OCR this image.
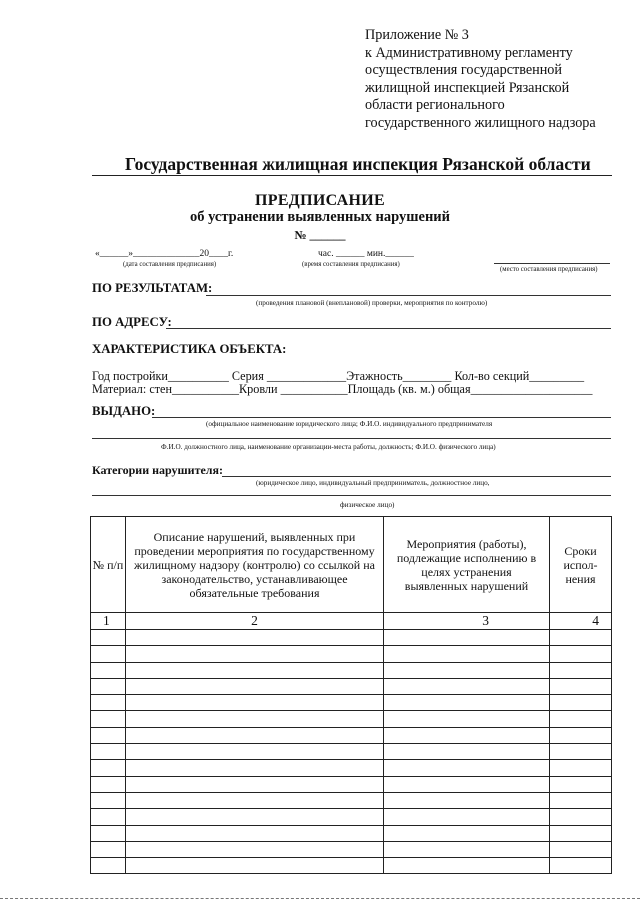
Приложение № 3
к Административному регламенту
осуществления государственной
жилищной инспекцией Рязанской
области регионального
государственного жилищного надзора
Государственная жилищная инспекция Рязанской области
ПРЕДПИСАНИЕ
об устранении выявленных нарушений
№ ______
«______»______________20____г.
(дата составления предписания)
час. ______ мин.______
(время составления предписания)
(место составления предписания)
ПО РЕЗУЛЬТАТАМ:
(проведения плановой (внеплановой) проверки, мероприятия по контролю)
ПО АДРЕСУ:
ХАРАКТЕРИСТИКА ОБЪЕКТА:
Год постройки__________ Серия _____________Этажность________ Кол-во секций_________
Материал: стен___________Кровли ___________Площадь (кв. м.) общая____________________
ВЫДАНО:
(официальное наименование юридического лица; Ф.И.О. индивидуального предпринимателя
Ф.И.О. должностного лица, наименование организации-места работы, должность; Ф.И.О. физического лица)
Категории нарушителя:
(юридическое лицо, индивидуальный предприниматель, должностное лицо,
физическое лицо)
№ п/п	Описание нарушений, выявленных при проведении мероприятия по государственному жилищному надзору (контролю) со ссылкой на законодательство, устанавливающее обязательные требования	Мероприятия (работы), подлежащие исполнению в целях устранения выявленных нарушений	Сроки испол-нения
1	2	3	4
